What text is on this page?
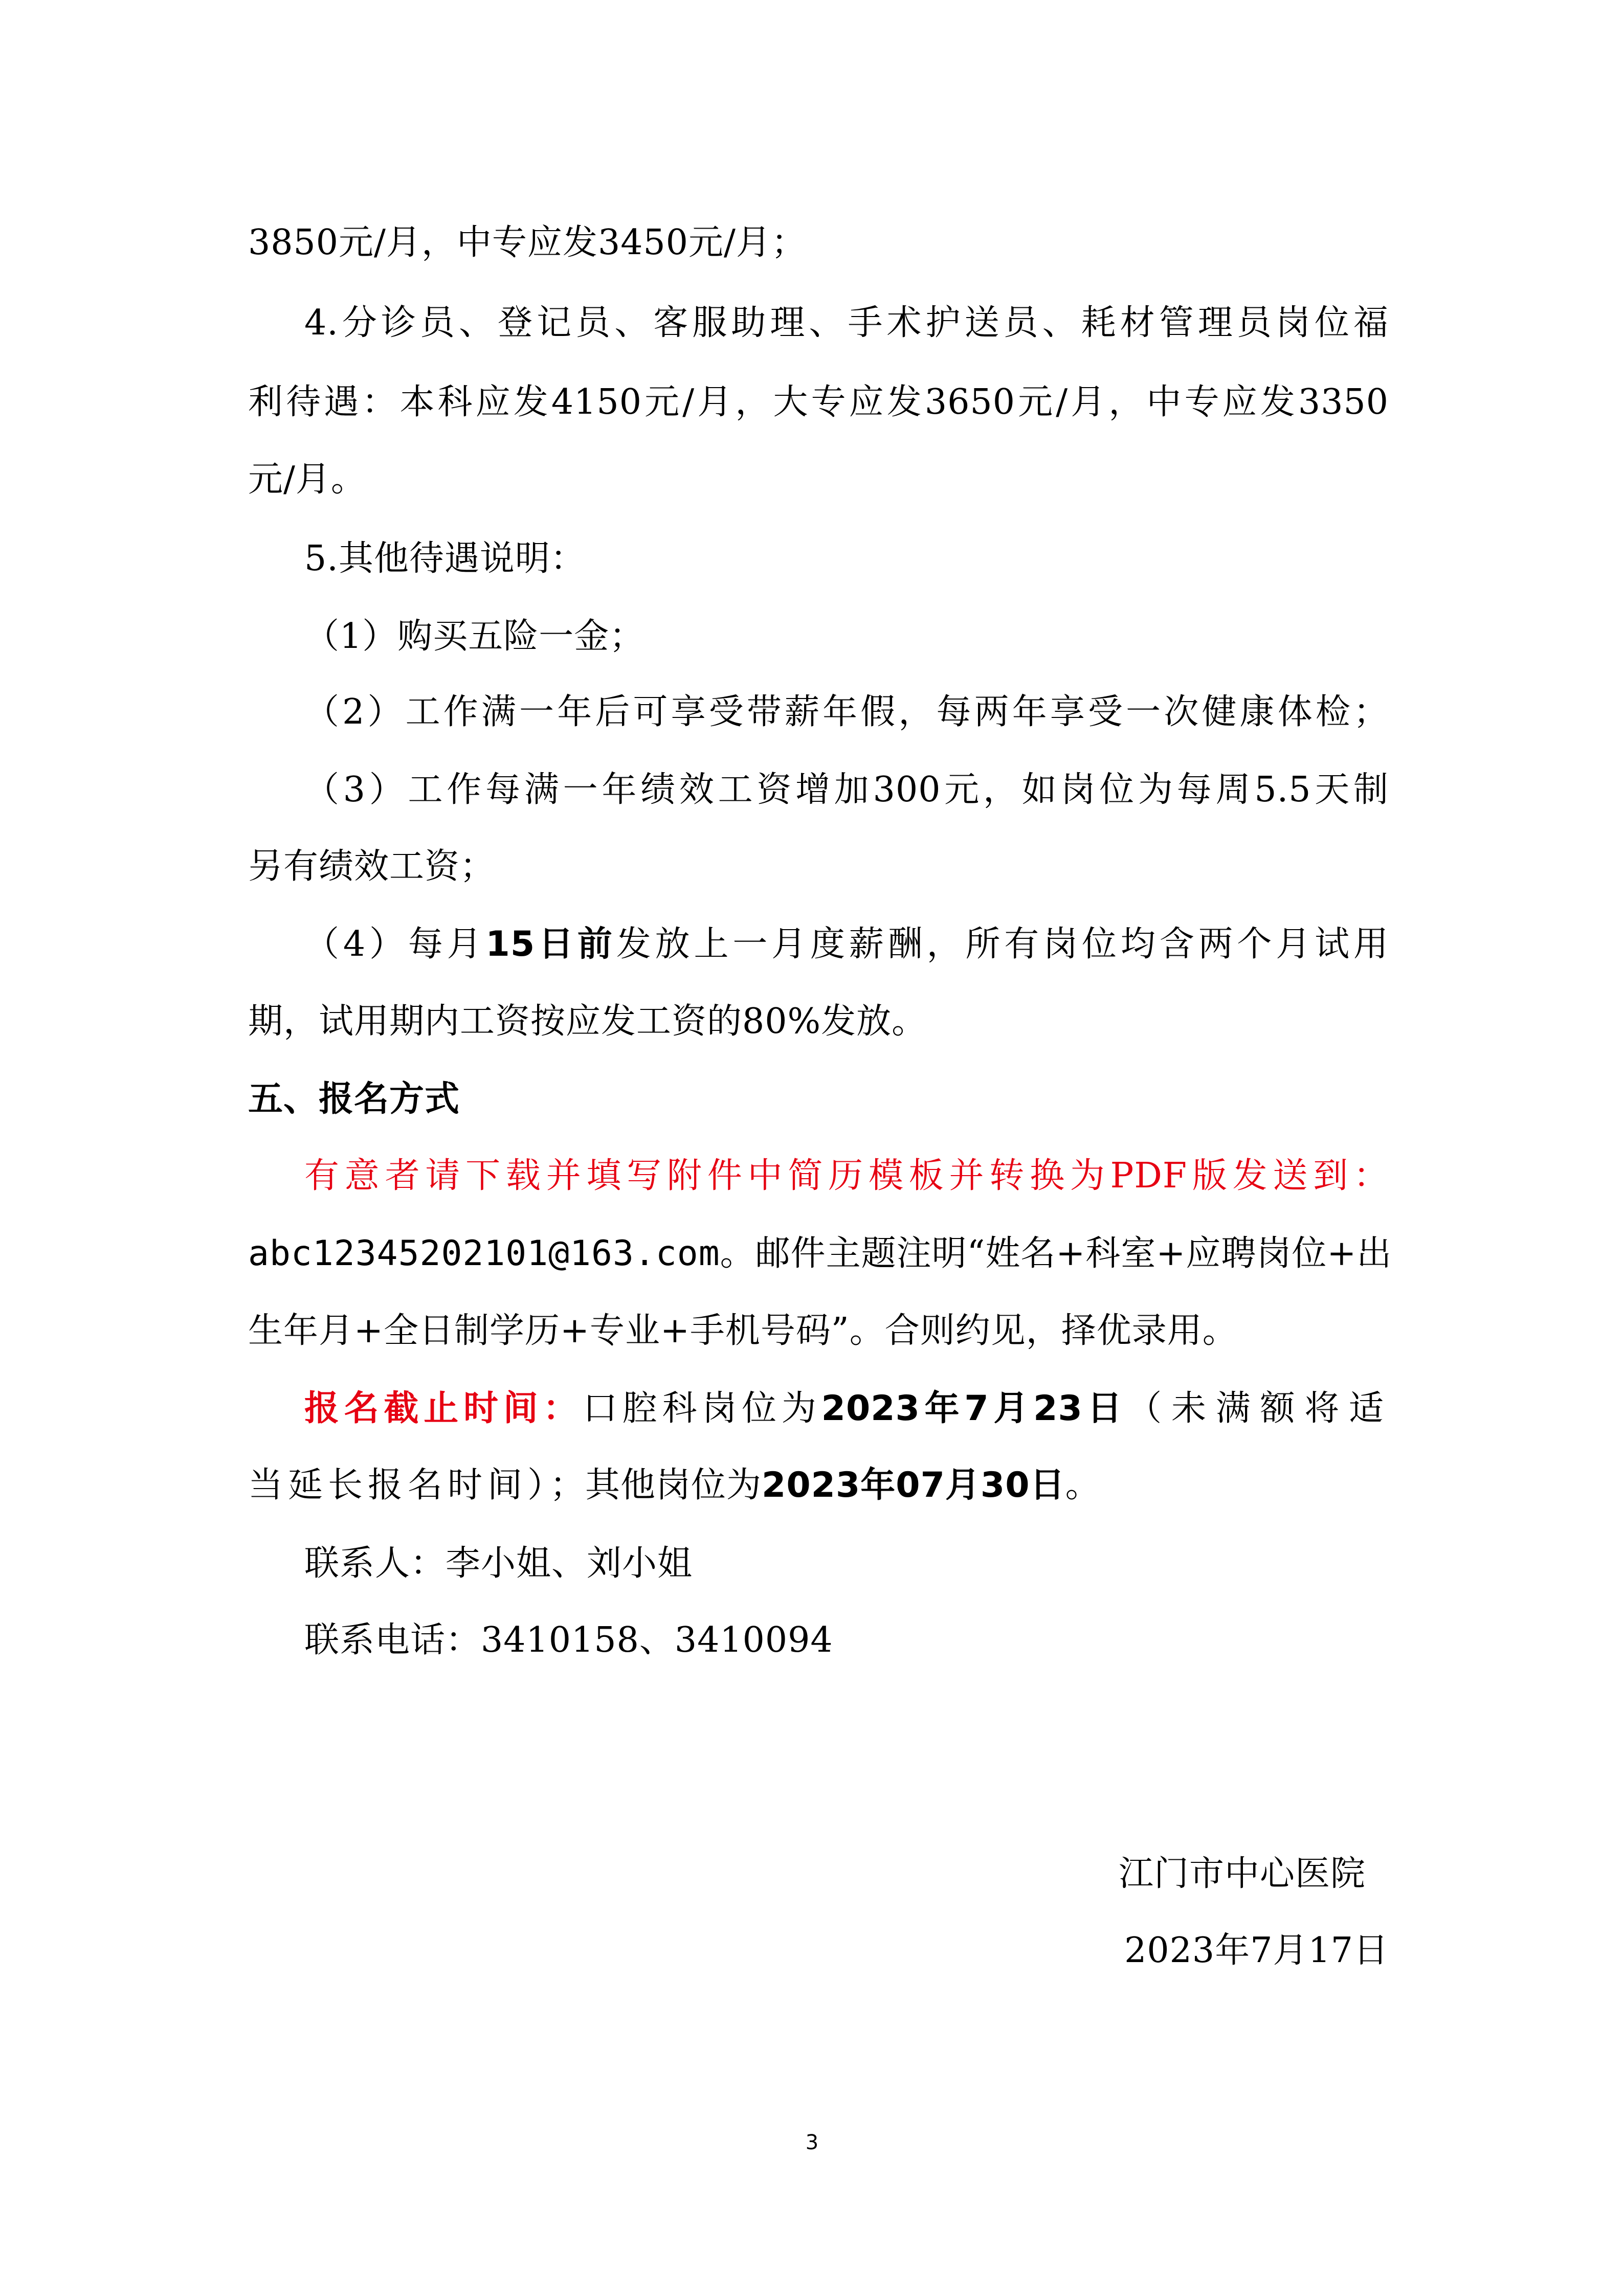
3850元/月，中专应发3450元/月；
4.分诊员、登记员、客服助理、手术护送员、耗材管理员岗位福
利待遇：本科应发4150元/月，大专应发3650元/月，中专应发3350
元/月。
5.其他待遇说明：
（1）购买五险一金；
（2）工作满一年后可享受带薪年假，每两年享受一次健康体检；
（3）工作每满一年绩效工资增加300元，如岗位为每周5.5天制
另有绩效工资；
（4）每月15日前发放上一月度薪酬，所有岗位均含两个月试用
期，试用期内工资按应发工资的80%发放。
五、报名方式
有意者请下载并填写附件中简历模板并转换为PDF版发送到：
abc12345202101@163.com。邮件主题注明“姓名+科室+应聘岗位+出
生年月+全日制学历+专业+手机号码”。合则约见，择优录用。
报名截止时间：口腔科岗位为2023年7月23日（未满额将适
当延长报名时间）；其他岗位为2023年07月30日。
联系人：李小姐、刘小姐
联系电话：3410158、3410094
江门市中心医院
2023年7月17日
3
